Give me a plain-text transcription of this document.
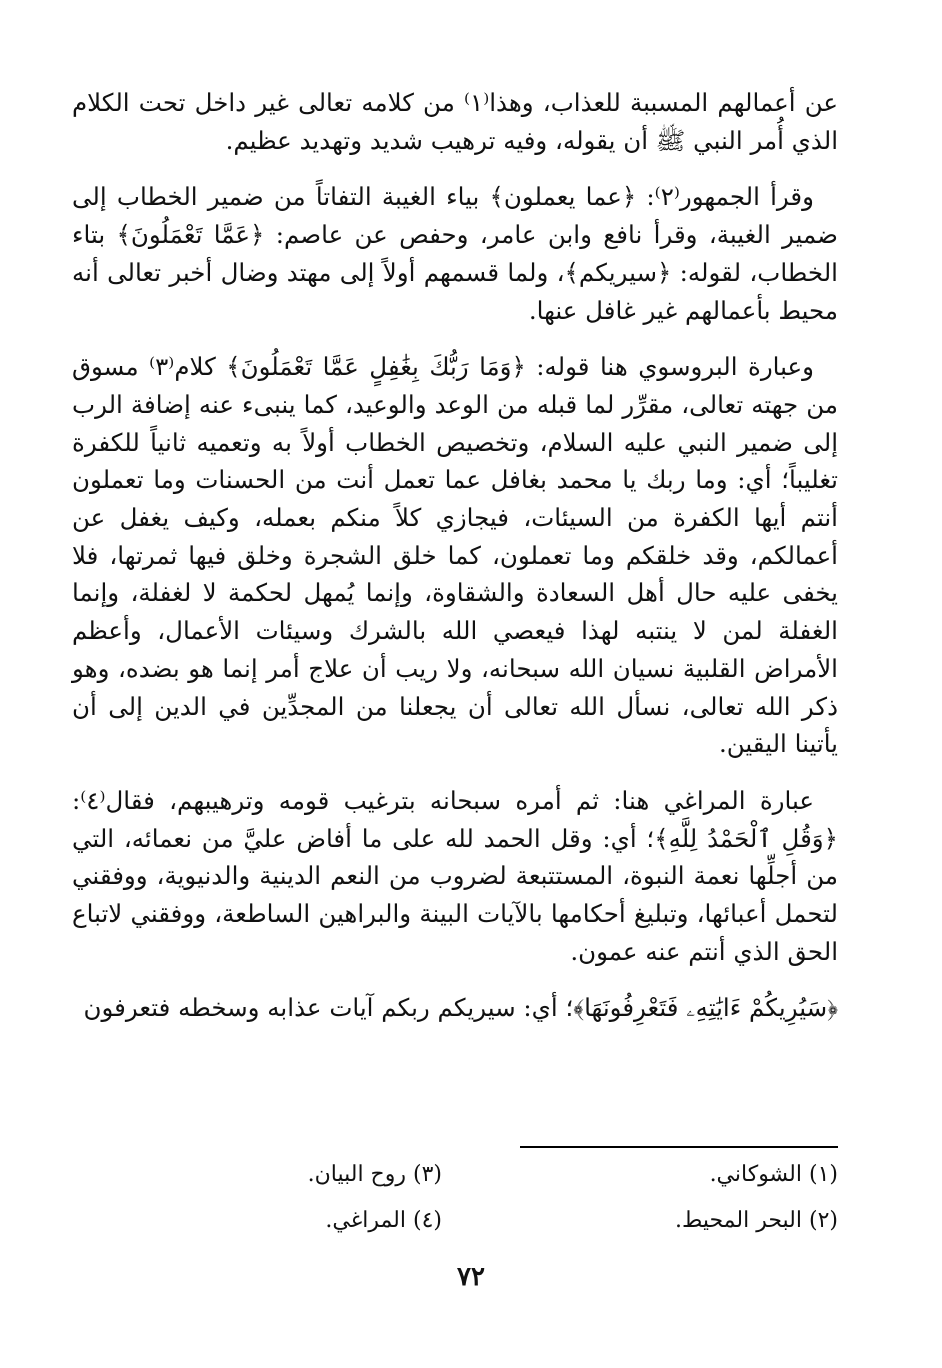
عن أعمالهم المسببة للعذاب، وهذا⁽١⁾ من كلامه تعالى غير داخل تحت الكلام الذي أُمر النبي ﷺ أن يقوله، وفيه ترهيب شديد وتهديد عظيم.

وقرأ الجمهور⁽٢⁾: ﴿عما يعملون﴾ بياء الغيبة التفاتاً من ضمير الخطاب إلى ضمير الغيبة، وقرأ نافع وابن عامر، وحفص عن عاصم: ﴿عَمَّا تَعْمَلُونَ﴾ بتاء الخطاب، لقوله: ﴿سيريكم﴾، ولما قسمهم أولاً إلى مهتد وضال أخبر تعالى أنه محيط بأعمالهم غير غافل عنها.

وعبارة البروسوي هنا قوله: ﴿وَمَا رَبُّكَ بِغَٰفِلٍ عَمَّا تَعْمَلُونَ﴾ كلام⁽٣⁾ مسوق من جهته تعالى، مقرِّر لما قبله من الوعد والوعيد، كما ينبىء عنه إضافة الرب إلى ضمير النبي عليه السلام، وتخصيص الخطاب أولاً به وتعميه ثانياً للكفرة تغليباً؛ أي: وما ربك يا محمد بغافل عما تعمل أنت من الحسنات وما تعملون أنتم أيها الكفرة من السيئات، فيجازي كلاً منكم بعمله، وكيف يغفل عن أعمالكم، وقد خلقكم وما تعملون، كما خلق الشجرة وخلق فيها ثمرتها، فلا يخفى عليه حال أهل السعادة والشقاوة، وإنما يُمهل لحكمة لا لغفلة، وإنما الغفلة لمن لا ينتبه لهذا فيعصي الله بالشرك وسيئات الأعمال، وأعظم الأمراض القلبية نسيان الله سبحانه، ولا ريب أن علاج أمر إنما هو بضده، وهو ذكر الله تعالى، نسأل الله تعالى أن يجعلنا من المجدِّين في الدين إلى أن يأتينا اليقين.

عبارة المراغي هنا: ثم أمره سبحانه بترغيب قومه وترهيبهم، فقال⁽٤⁾: ﴿وَقُلِ ٱلْحَمْدُ لِلَّهِ﴾؛ أي: وقل الحمد لله على ما أفاض عليَّ من نعمائه، التي من أجلِّها نعمة النبوة، المستتبعة لضروب من النعم الدينية والدنيوية، ووفقني لتحمل أعبائها، وتبليغ أحكامها بالآيات البينة والبراهين الساطعة، ووفقني لاتباع الحق الذي أنتم عنه عمون.

﴿سَيُرِيكُمْ ءَايَٰتِهِۦ فَتَعْرِفُونَهَا﴾؛ أي: سيريكم ربكم آيات عذابه وسخطه فتعرفون

(١) الشوكاني.
(٣) روح البيان.
(٢) البحر المحيط.
(٤) المراغي.
٧٢
